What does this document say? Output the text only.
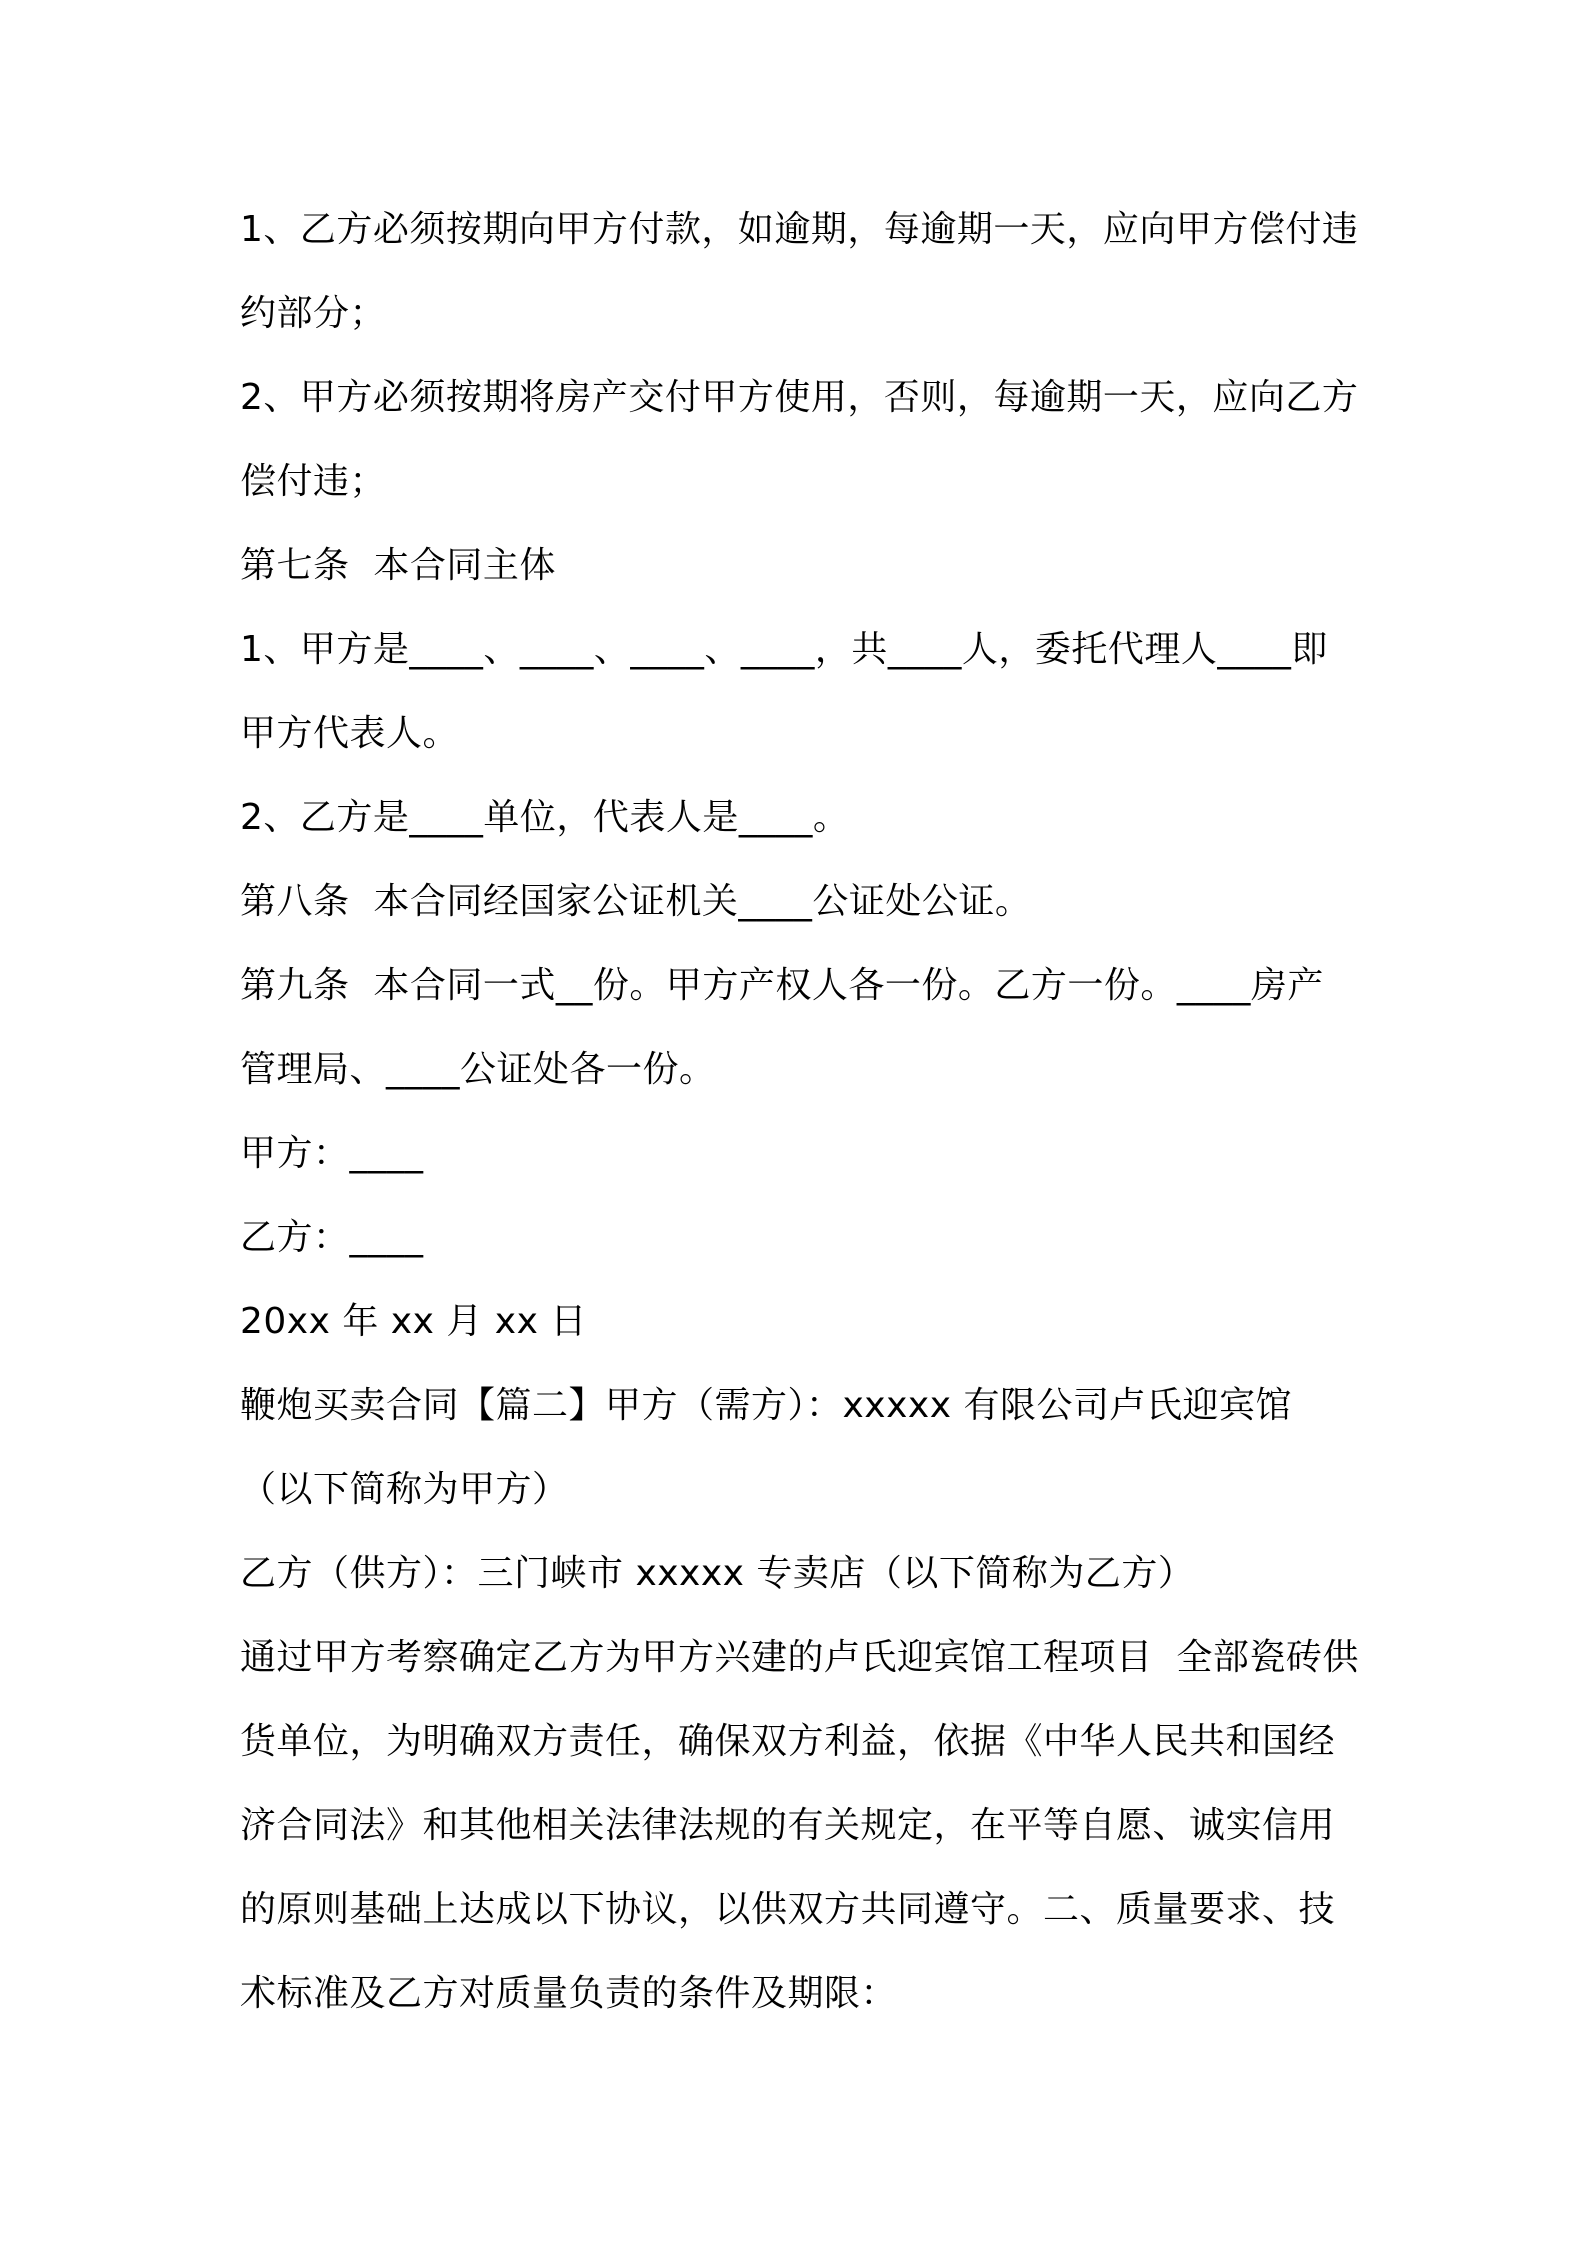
1、乙方必须按期向甲方付款，如逾期，每逾期一天，应向甲方偿付违约部分；

2、甲方必须按期将房产交付甲方使用，否则，每逾期一天，应向乙方偿付违；

第七条  本合同主体

1、甲方是____、____、____、____，共____人，委托代理人____即甲方代表人。

2、乙方是____单位，代表人是____。

第八条  本合同经国家公证机关____公证处公证。

第九条  本合同一式__份。甲方产权人各一份。乙方一份。____房产管理局、____公证处各一份。

甲方：____

乙方：____

20xx 年 xx 月 xx 日

鞭炮买卖合同【篇二】甲方（需方）：xxxxx 有限公司卢氏迎宾馆（以下简称为甲方）

乙方（供方）：三门峡市 xxxxx 专卖店（以下简称为乙方）

通过甲方考察确定乙方为甲方兴建的卢氏迎宾馆工程项目  全部瓷砖供货单位，为明确双方责任，确保双方利益，依据《中华人民共和国经济合同法》和其他相关法律法规的有关规定，在平等自愿、诚实信用的原则基础上达成以下协议，以供双方共同遵守。二、质量要求、技术标准及乙方对质量负责的条件及期限：
